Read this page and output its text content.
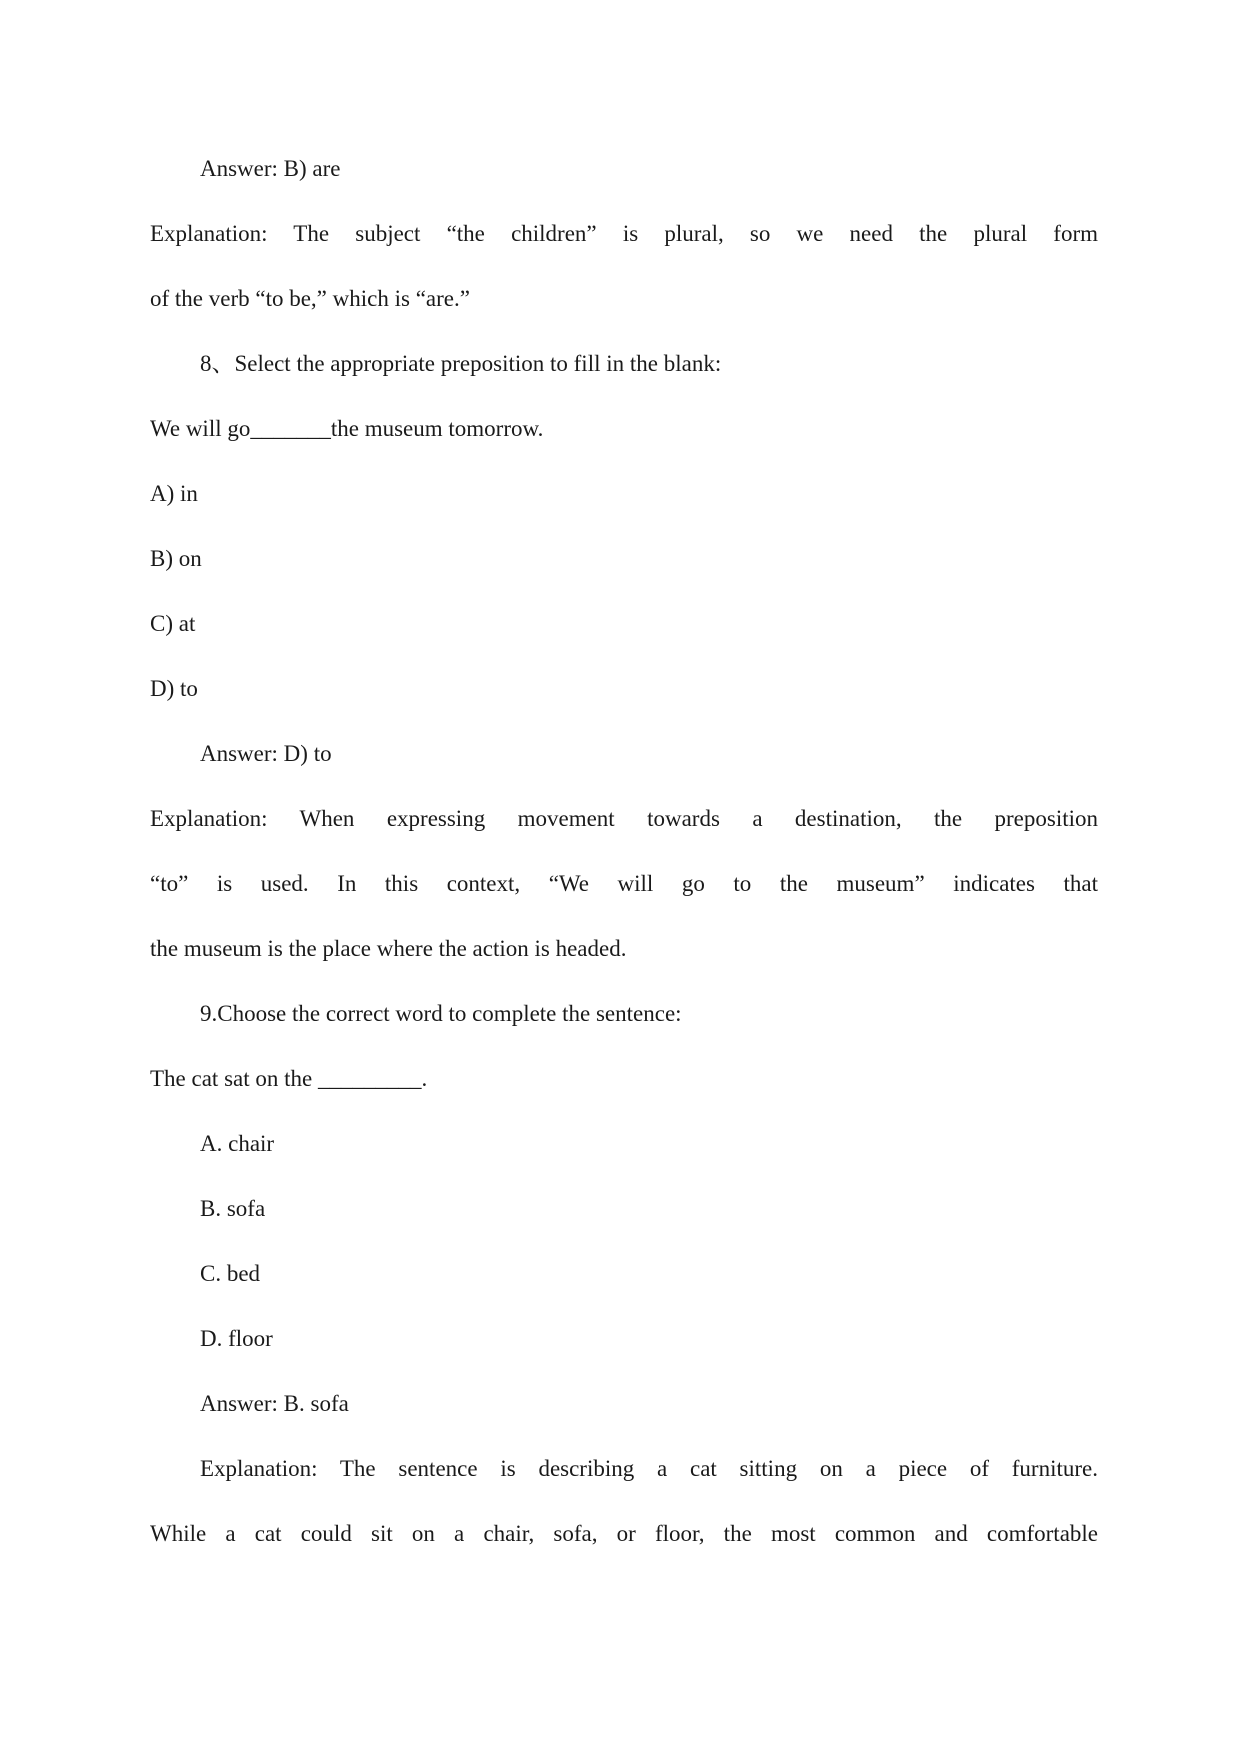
Answer: B) are
Explanation: The subject “the children” is plural, so we need the plural form
of the verb “to be,” which is “are.”
8、Select the appropriate preposition to fill in the blank:
We will go_______the museum tomorrow.
A) in
B) on
C) at
D) to
Answer: D) to
Explanation: When expressing movement towards a destination, the preposition
“to” is used. In this context, “We will go to the museum” indicates that
the museum is the place where the action is headed.
9.Choose the correct word to complete the sentence:
The cat sat on the _________.
A. chair
B. sofa
C. bed
D. floor
Answer: B. sofa
Explanation: The sentence is describing a cat sitting on a piece of furniture.
While a cat could sit on a chair, sofa, or floor, the most common and comfortable
